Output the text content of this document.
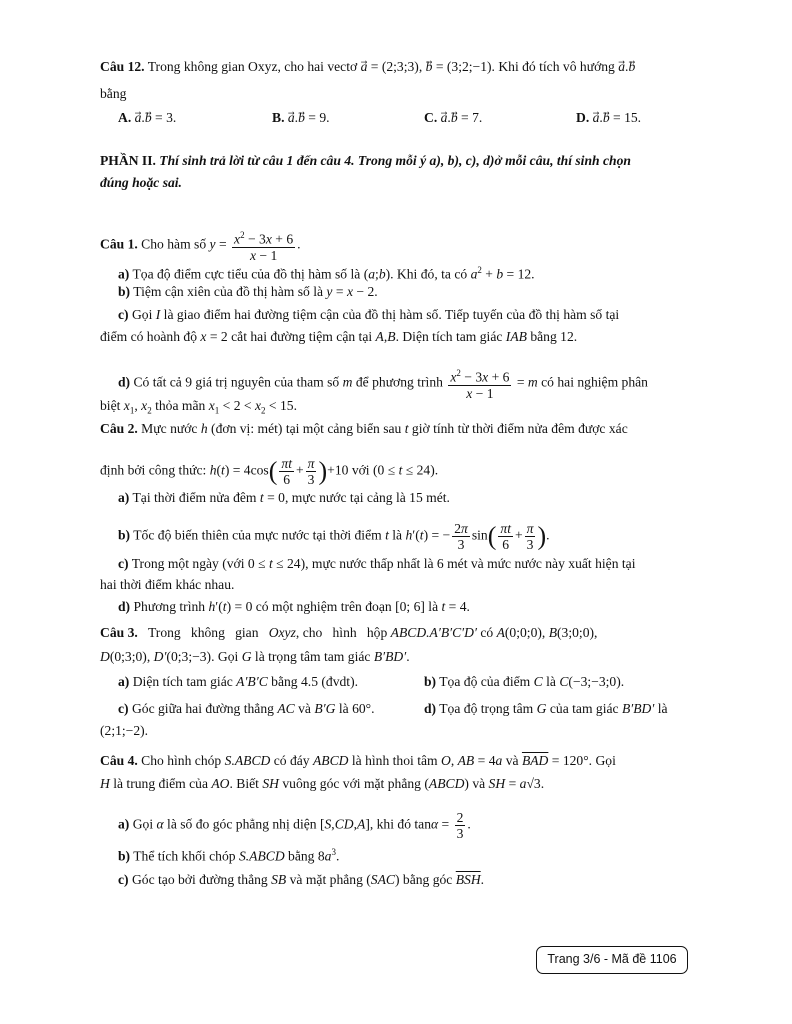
Câu 12. Trong không gian Oxyz, cho hai vectơ a⃗ = (2;3;3), b⃗ = (3;2;−1). Khi đó tích vô hướng a⃗.b
bằng
A. a⃗.b⃗ = 3.	B. a⃗.b⃗ = 9.	C. a⃗.b⃗ = 7.	D. a⃗.b⃗ = 15.
PHẦN II. Thí sinh trả lời từ câu 1 đến câu 4. Trong mỗi ý a), b), c), d)ở mỗi câu, thí sinh chọn
đúng hoặc sai.
Câu 1. Cho hàm số $y = \frac{x^2 - 3x + 6}{x - 1}$ .
a) Tọa độ điểm cực tiểu của đồ thị hàm số là (a;b). Khi đó, ta có $a^2 + b = 12$.
b) Tiệm cận xiên của đồ thị hàm số là y = x − 2.
c) Gọi I là giao điểm hai đường tiệm cận của đồ thị hàm số. Tiếp tuyến của đồ thị hàm số tại
điểm có hoành độ x = 2 cắt hai đường tiệm cận tại A,B. Diện tích tam giác IAB bằng 12.
d) Có tất cả 9 giá trị nguyên của tham số m để phương trình $\frac{x^2 - 3x + 6}{x - 1} = m$ có hai nghiệm phân
biệt $x_1$, $x_2$ thỏa mãn $x_1 < 2 < x_2 < 15$.
Câu 2. Mực nước h (đơn vị: mét) tại một cảng biển sau t giờ tính từ thời điểm nửa đêm được xác
định bởi công thức: $h(t) = 4\cos( \frac{\pi t}{6} + \frac{\pi}{3} )+10$ với (0 ≤ t ≤ 24).
a) Tại thời điểm nửa đêm t = 0, mực nước tại cảng là 15 mét.
b) Tốc độ biến thiên của mực nước tại thời điểm t là h′(t) = − $\frac{2\pi}{3} \sin( \frac{\pi t}{6} + \frac{\pi}{3}$ ).
c) Trong một ngày (với 0 ≤ t ≤ 24), mực nước thấp nhất là 6 mét và mức nước này xuất hiện tại
hai thời điểm khác nhau.
d) Phương trình h′(t) = 0 có một nghiệm trên đoạn [0; 6] là t = 4.
Câu 3.   Trong   không   gian   Oxyz, cho   hình   hộp ABCD.A′B′C′D′ có A(0;0;0), B(3;0;0),
D(0;3;0), D′(0;3;−3). Gọi G là trọng tâm tam giác B′BD′.
a) Diện tích tam giác A′B′C bằng 4.5 (đvdt).	b) Tọa độ của điểm C là C(−3;−3;0).
c) Góc giữa hai đường thẳng AC và B′G là 60°.	d) Tọa độ trọng tâm G của tam giác B′BD′ là
(2;1;−2).
Câu 4. Cho hình chóp S.ABCD có đáy ABCD là hình thoi tâm O, AB = 4a và $\overline{BAD} = 120^\circ$. Gọi
H là trung điểm của AO. Biết SH vuông góc với mặt phẳng (ABCD) và SH = a√3.
a) Gọi α là số đo góc phẳng nhị diện [S,CD,A], khi đó $\tan\alpha = \frac{2}{3}$ .
b) Thể tích khối chóp S.ABCD bằng $8a^3$.
c) Góc tạo bởi đường thẳng SB và mặt phẳng (SAC) bằng góc $\overline{BSH}$.
Trang 3/6 - Mã đề 1106
